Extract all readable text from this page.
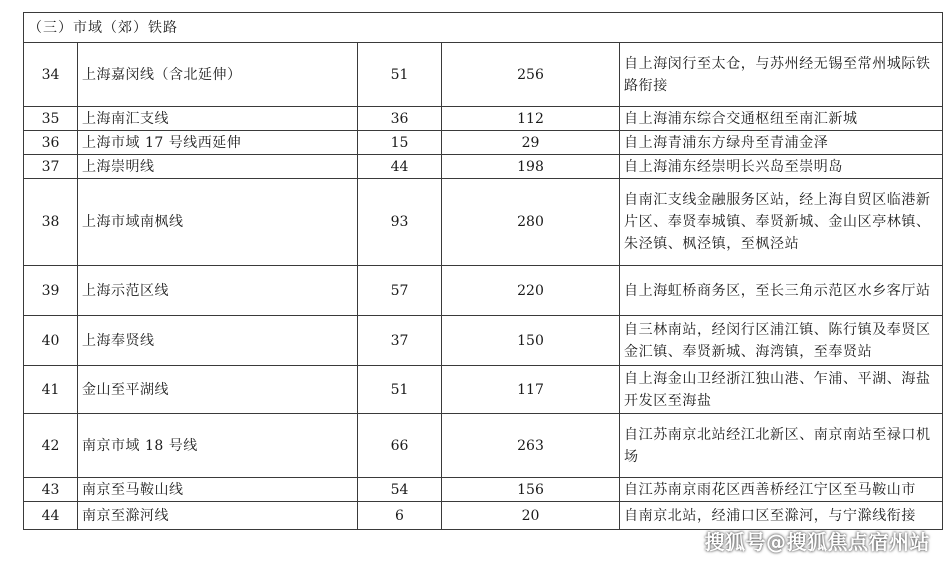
（三）市域（郊）铁路				
34	上海嘉闵线（含北延伸）	51	256	自上海闵行至太仓，与苏州经无锡至常州城际铁路衔接
35	上海南汇支线	36	112	自上海浦东综合交通枢纽至南汇新城
36	上海市域 17 号线西延伸	15	29	自上海青浦东方绿舟至青浦金泽
37	上海崇明线	44	198	自上海浦东经崇明长兴岛至崇明岛
38	上海市域南枫线	93	280	自南汇支线金融服务区站，经上海自贸区临港新片区、奉贤奉城镇、奉贤新城、金山区亭林镇、朱泾镇、枫泾镇，至枫泾站
39	上海示范区线	57	220	自上海虹桥商务区，至长三角示范区水乡客厅站
40	上海奉贤线	37	150	自三林南站，经闵行区浦江镇、陈行镇及奉贤区金汇镇、奉贤新城、海湾镇，至奉贤站
41	金山至平湖线	51	117	自上海金山卫经浙江独山港、乍浦、平湖、海盐开发区至海盐
42	南京市域 18 号线	66	263	自江苏南京北站经江北新区、南京南站至禄口机场
43	南京至马鞍山线	54	156	自江苏南京雨花区西善桥经江宁区至马鞍山市
44	南京至滁河线	6	20	自南京北站，经浦口区至滁河，与宁滁线衔接
搜狐号@搜狐焦点宿州站
